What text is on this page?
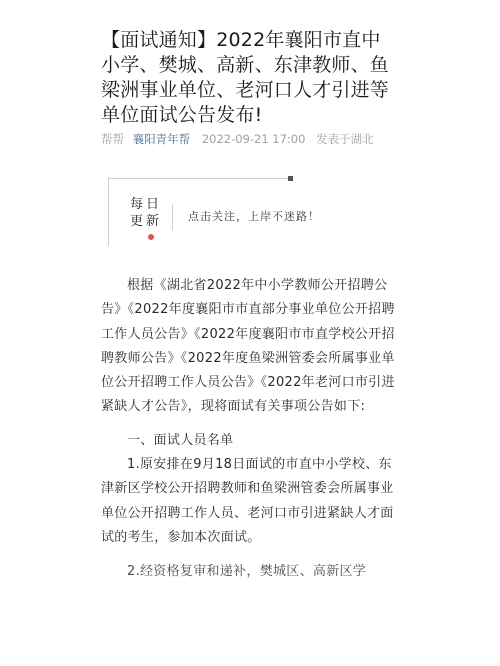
【面试通知】2022年襄阳市直中小学、樊城、高新、东津教师、鱼梁洲事业单位、老河口人才引进等单位面试公告发布!
帮帮 襄阳青年帮 2022-09-21 17:00 发表于湖北
每日
更新	点击关注，上岸不迷路！

根据《湖北省2022年中小学教师公开招聘公告》《2022年度襄阳市市直部分事业单位公开招聘工作人员公告》《2022年度襄阳市市直学校公开招聘教师公告》《2022年度鱼梁洲管委会所属事业单位公开招聘工作人员公告》《2022年老河口市引进紧缺人才公告》，现将面试有关事项公告如下:

一、面试人员名单

1.原安排在9月18日面试的市直中小学校、东津新区学校公开招聘教师和鱼梁洲管委会所属事业单位公开招聘工作人员、老河口市引进紧缺人才面试的考生，参加本次面试。

2.经资格复审和递补，樊城区、高新区学
